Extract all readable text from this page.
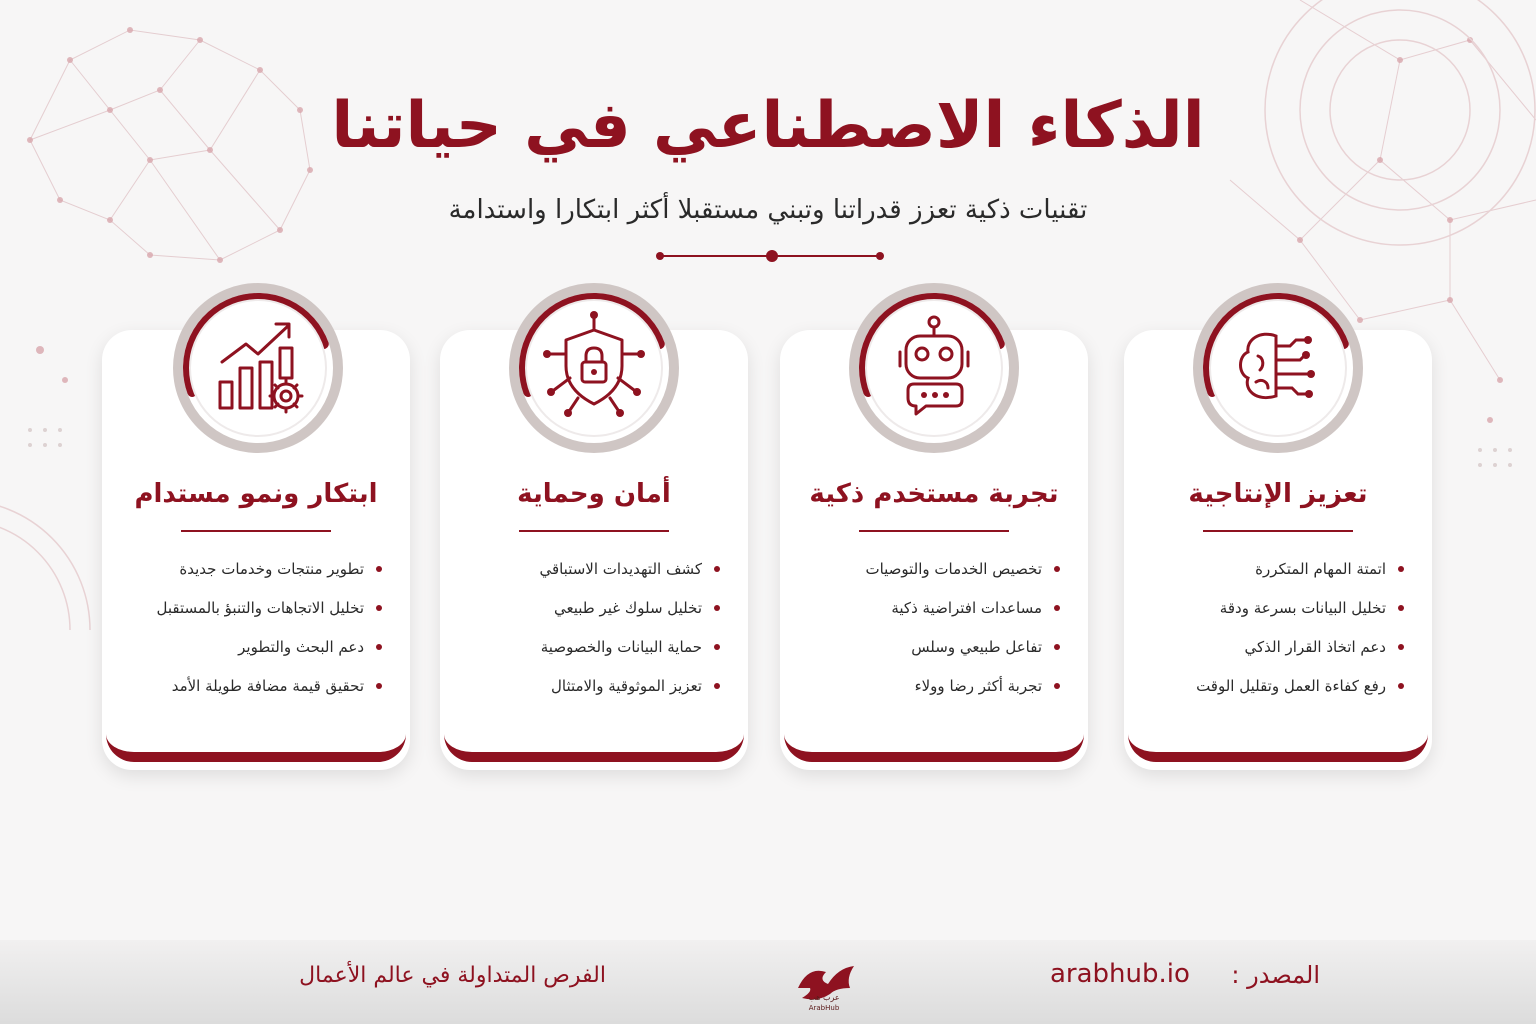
الذكاء الاصطناعي في حياتنا
تقنيات ذكية تعزز قدراتنا وتبني مستقبلا أكثر ابتكارا واستدامة
تعزيز الإنتاجية
اتمتة المهام المتكررة
تخليل البيانات بسرعة ودقة
دعم اتخاذ القرار الذكي
رفع كفاءة العمل وتقليل الوقت
تجربة مستخدم ذكية
تخصيص الخدمات والتوصيات
مساعدات افتراضية ذكية
تفاعل طبيعي وسلس
تجربة أكثر رضا وولاء
أمان وحماية
كشف التهديدات الاستباقي
تخليل سلوك غير طبيعي
حماية البيانات والخصوصية
تعزيز الموثوقية والامتثال
ابتكار ونمو مستدام
تطوير منتجات وخدمات جديدة
تخليل الاتجاهات والتنبؤ بالمستقبل
دعم البحث والتطوير
تحقيق قيمة مضافة طويلة الأمد
الفرص المتداولة في عالم الأعمال	المصدر :
arabhub.io
عرب هب
ArabHub
